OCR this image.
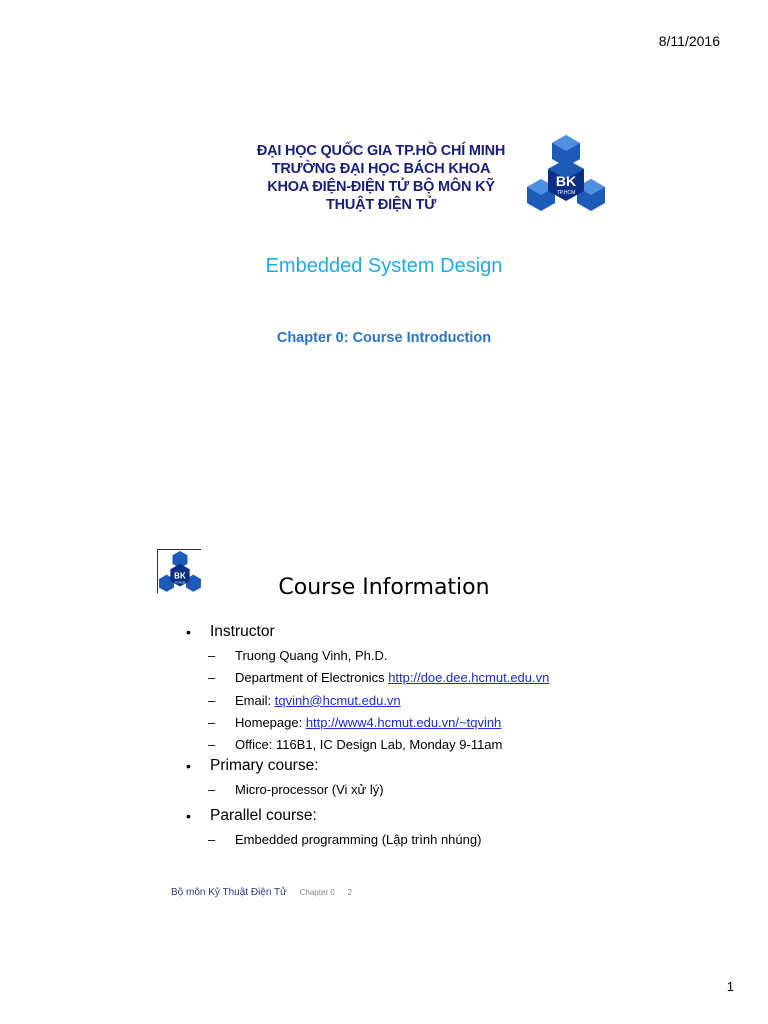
8/11/2016
ĐẠI HỌC QUỐC GIA TP.HỒ CHÍ MINH
TRƯỜNG ĐẠI HỌC BÁCH KHOA
KHOA ĐIỆN-ĐIỆN TỬ BỘ MÔN KỸ
THUẬT ĐIỆN TỬ
BK
TP.HCM
Embedded System Design
Chapter 0: Course Introduction
BK
TP.HCM	Course Information
• Instructor
– Truong Quang Vinh, Ph.D.
– Department of Electronics http://doe.dee.hcmut.edu.vn
– Email: tqvinh@hcmut.edu.vn
– Homepage: http://www4.hcmut.edu.vn/~tqvinh
– Office: 116B1, IC Design Lab, Monday 9-11am
• Primary course:
– Micro-processor (Vi xử lý)
• Parallel course:
– Embedded programming (Lập trình nhúng)
Bộ môn Kỹ Thuật Điện Tử Chapter 0 2
1
